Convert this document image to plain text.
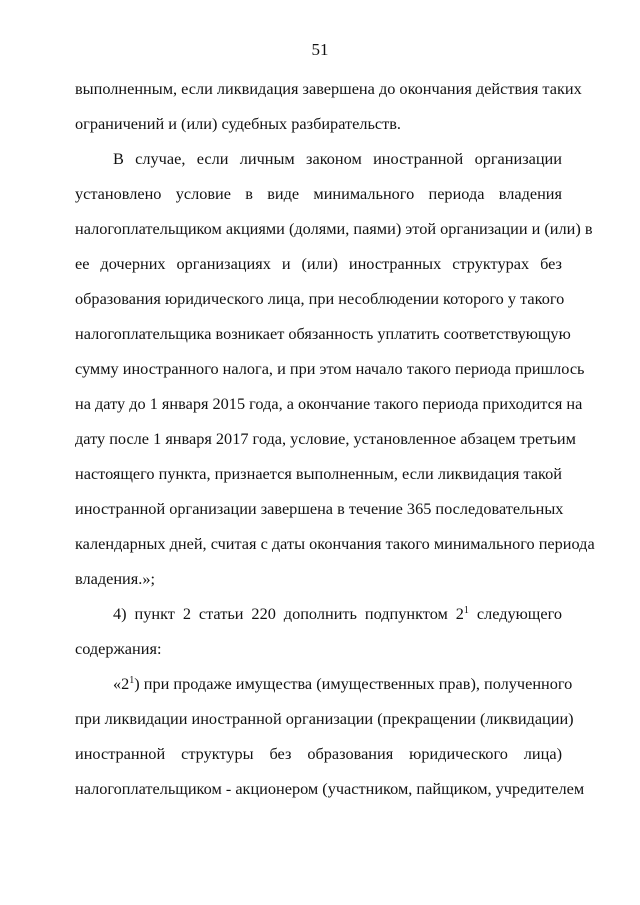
51
выполненным, если ликвидация завершена до окончания действия таких
ограничений и (или) судебных разбирательств.
В случае, если личным законом иностранной организации
установлено условие в виде минимального периода владения
налогоплательщиком акциями (долями, паями) этой организации и (или) в
ее дочерних организациях и (или) иностранных структурах без
образования юридического лица, при несоблюдении которого у такого
налогоплательщика возникает обязанность уплатить соответствующую
сумму иностранного налога, и при этом начало такого периода пришлось
на дату до 1 января 2015 года, а окончание такого периода приходится на
дату после 1 января 2017 года, условие, установленное абзацем третьим
настоящего пункта, признается выполненным, если ликвидация такой
иностранной организации завершена в течение 365 последовательных
календарных дней, считая с даты окончания такого минимального периода
владения.»;
4) пункт 2 статьи 220 дополнить подпунктом $2^1$ следующего
содержания:
«$2^1$) при продаже имущества (имущественных прав), полученного
при ликвидации иностранной организации (прекращении (ликвидации)
иностранной структуры без образования юридического лица)
налогоплательщиком - акционером (участником, пайщиком, учредителем
